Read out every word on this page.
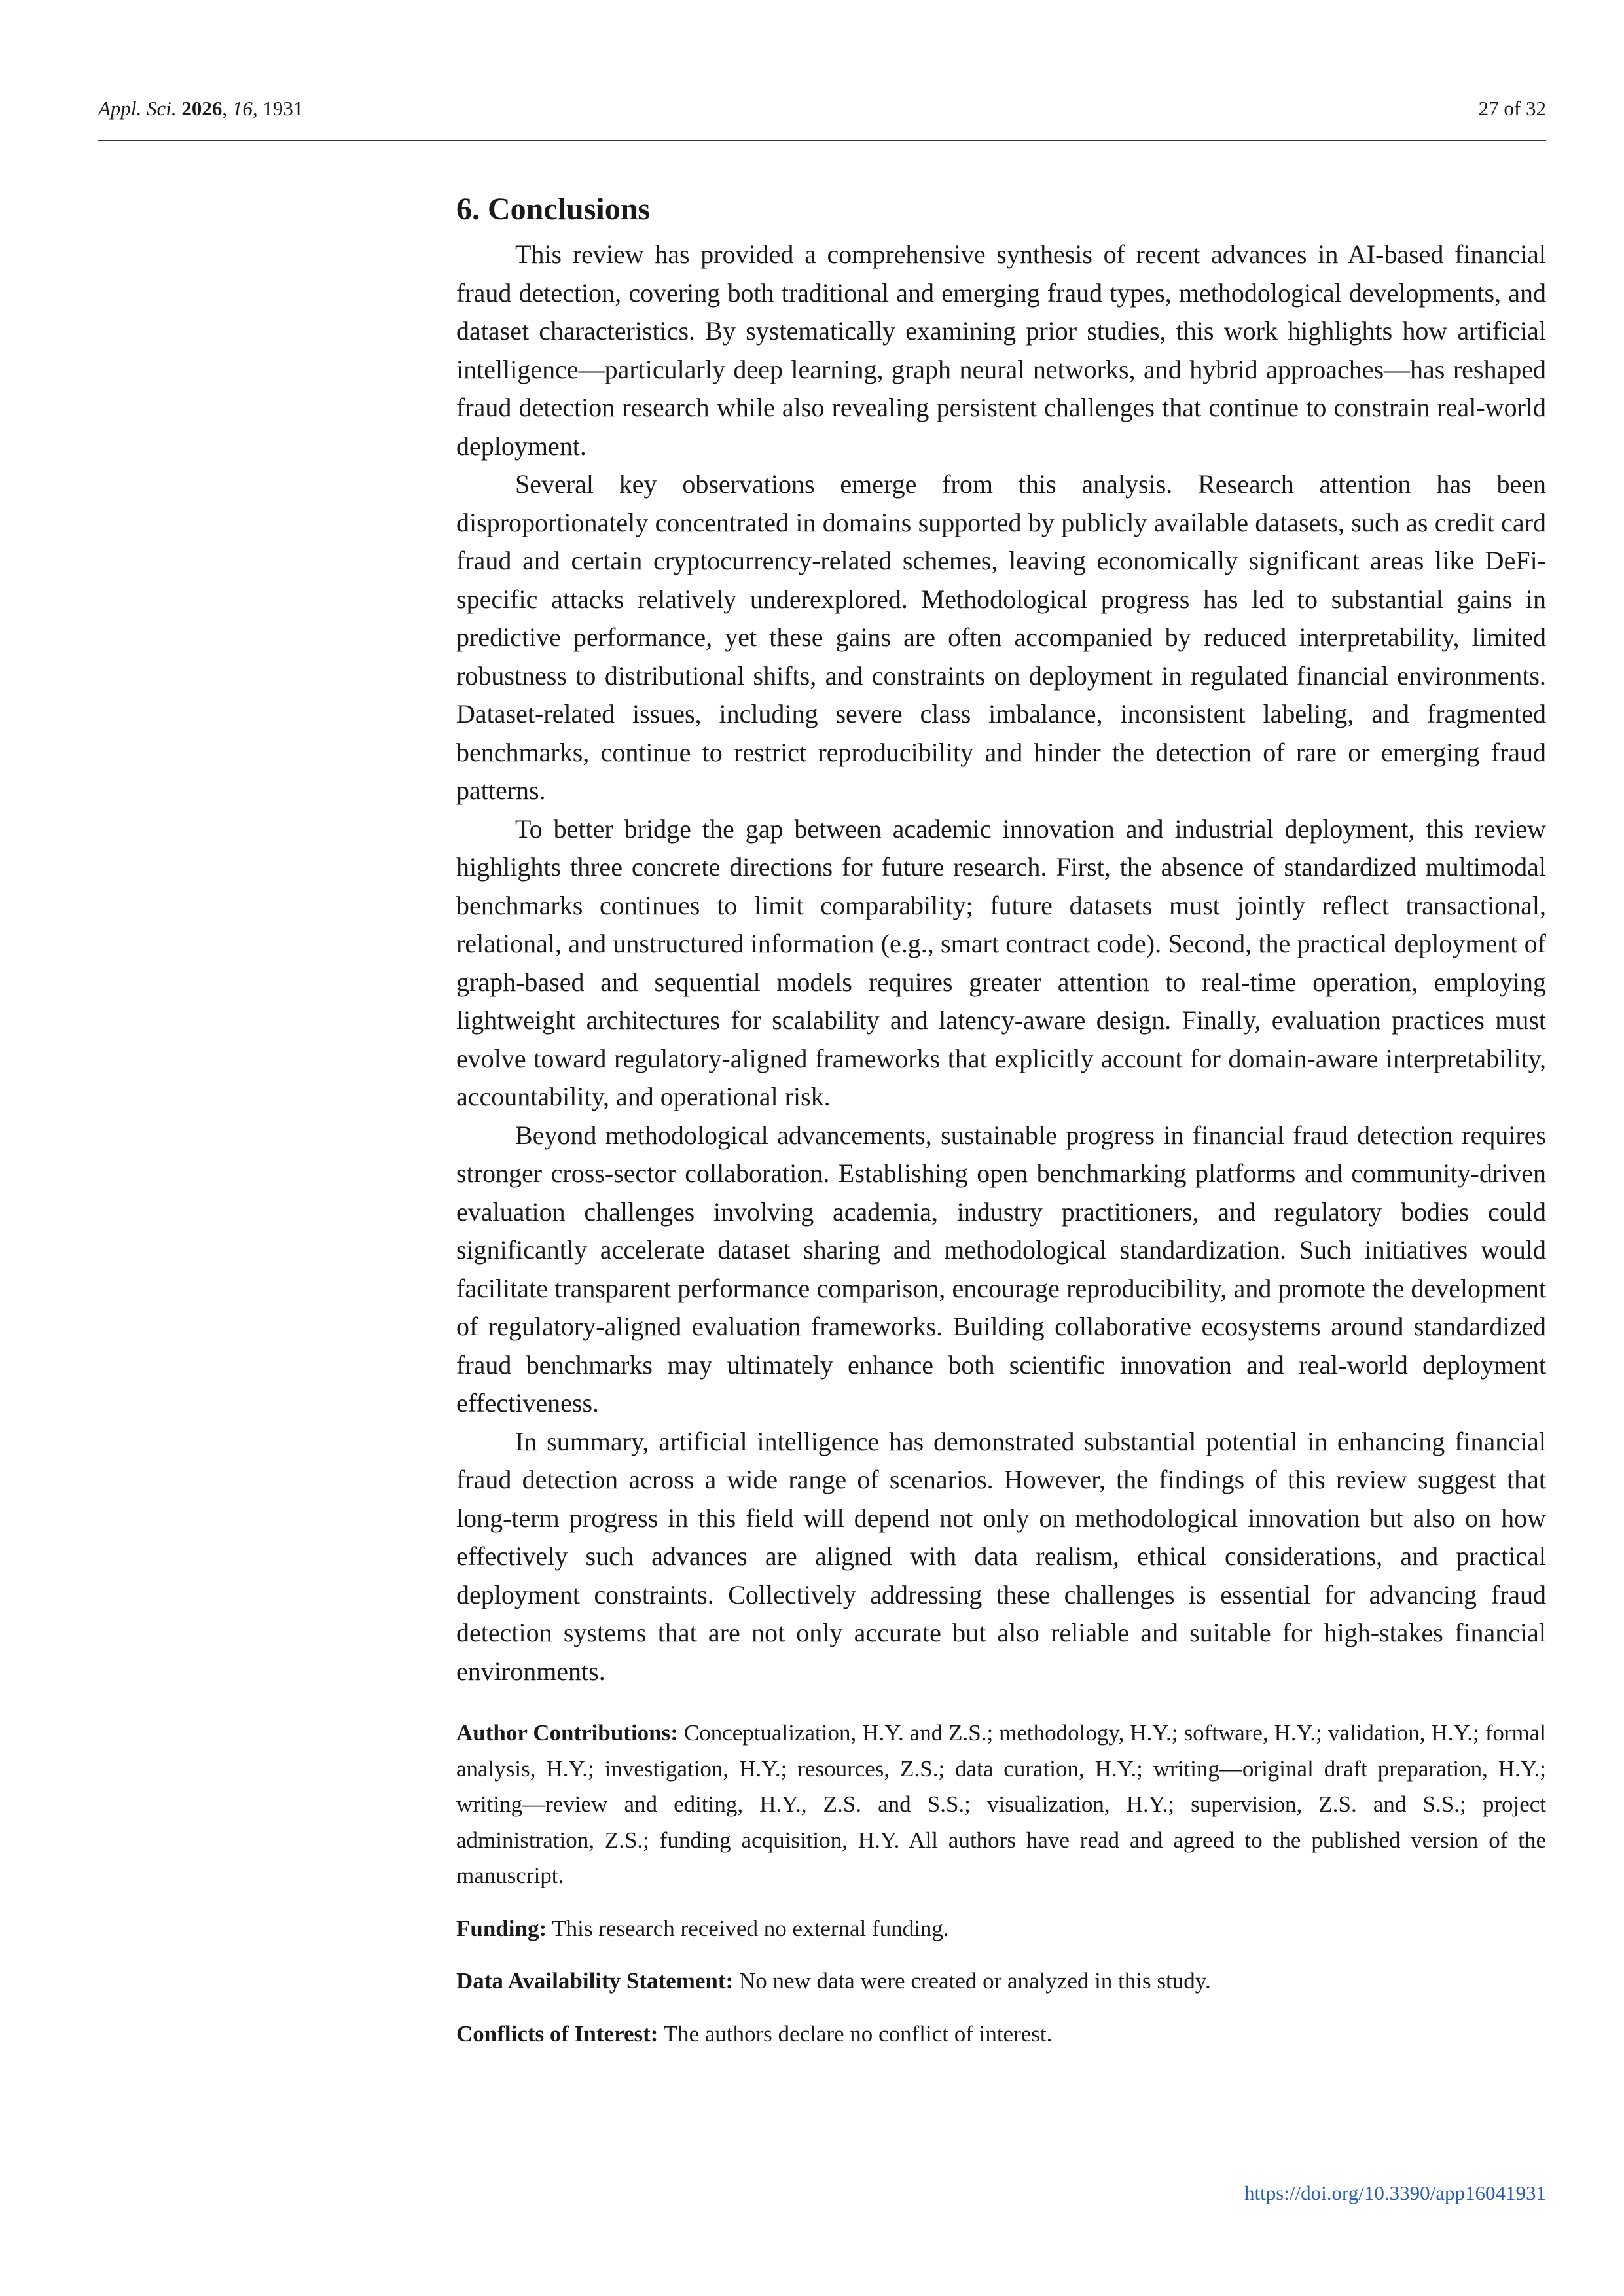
Appl. Sci. 2026, 16, 1931	27 of 32
6. Conclusions

This review has provided a comprehensive synthesis of recent advances in AI-based financial fraud detection, covering both traditional and emerging fraud types, methodological developments, and dataset characteristics. By systematically examining prior studies, this work highlights how artificial intelligence—particularly deep learning, graph neural networks, and hybrid approaches—has reshaped fraud detection research while also revealing persistent challenges that continue to constrain real-world deployment.

Several key observations emerge from this analysis. Research attention has been disproportionately concentrated in domains supported by publicly available datasets, such as credit card fraud and certain cryptocurrency-related schemes, leaving economically significant areas like DeFi-specific attacks relatively underexplored. Methodological progress has led to substantial gains in predictive performance, yet these gains are often accompanied by reduced interpretability, limited robustness to distributional shifts, and constraints on deployment in regulated financial environments. Dataset-related issues, including severe class imbalance, inconsistent labeling, and fragmented benchmarks, continue to restrict reproducibility and hinder the detection of rare or emerging fraud patterns.

To better bridge the gap between academic innovation and industrial deployment, this review highlights three concrete directions for future research. First, the absence of standardized multimodal benchmarks continues to limit comparability; future datasets must jointly reflect transactional, relational, and unstructured information (e.g., smart contract code). Second, the practical deployment of graph-based and sequential models requires greater attention to real-time operation, employing lightweight architectures for scalability and latency-aware design. Finally, evaluation practices must evolve toward regulatory-aligned frameworks that explicitly account for domain-aware interpretability, accountability, and operational risk.

Beyond methodological advancements, sustainable progress in financial fraud detection requires stronger cross-sector collaboration. Establishing open benchmarking platforms and community-driven evaluation challenges involving academia, industry practitioners, and regulatory bodies could significantly accelerate dataset sharing and methodological standardization. Such initiatives would facilitate transparent performance comparison, encourage reproducibility, and promote the development of regulatory-aligned evaluation frameworks. Building collaborative ecosystems around standardized fraud benchmarks may ultimately enhance both scientific innovation and real-world deployment effectiveness.

In summary, artificial intelligence has demonstrated substantial potential in enhancing financial fraud detection across a wide range of scenarios. However, the findings of this review suggest that long-term progress in this field will depend not only on methodological innovation but also on how effectively such advances are aligned with data realism, ethical considerations, and practical deployment constraints. Collectively addressing these challenges is essential for advancing fraud detection systems that are not only accurate but also reliable and suitable for high-stakes financial environments.

Author Contributions: Conceptualization, H.Y. and Z.S.; methodology, H.Y.; software, H.Y.; validation, H.Y.; formal analysis, H.Y.; investigation, H.Y.; resources, Z.S.; data curation, H.Y.; writing—original draft preparation, H.Y.; writing—review and editing, H.Y., Z.S. and S.S.; visualization, H.Y.; supervision, Z.S. and S.S.; project administration, Z.S.; funding acquisition, H.Y. All authors have read and agreed to the published version of the manuscript.

Funding: This research received no external funding.

Data Availability Statement: No new data were created or analyzed in this study.

Conflicts of Interest: The authors declare no conflict of interest.

https://doi.org/10.3390/app16041931
